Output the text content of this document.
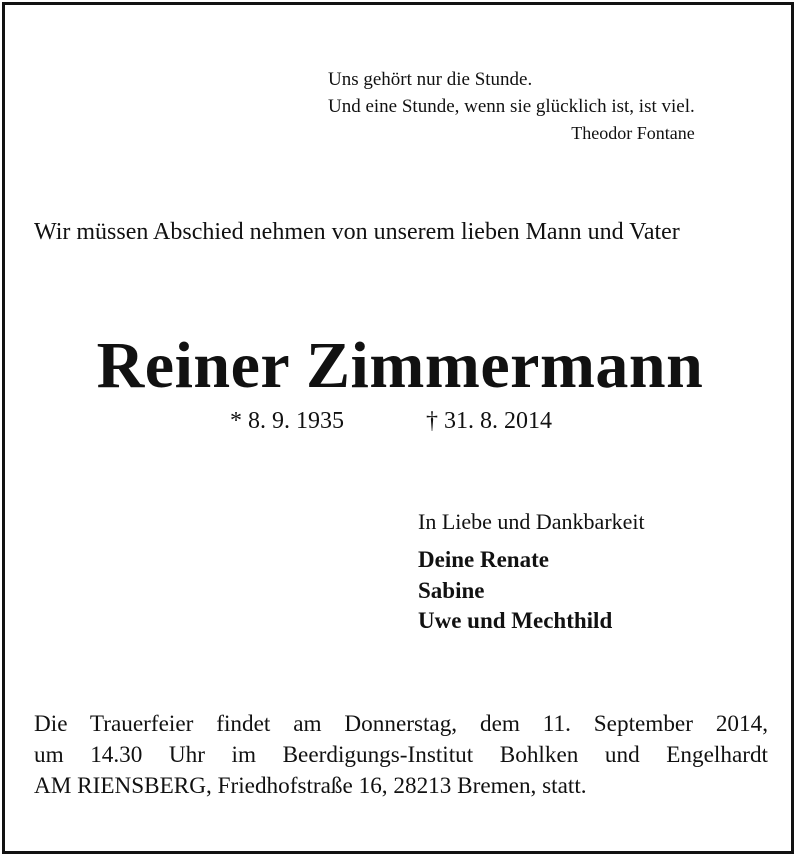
Uns gehört nur die Stunde.
Und eine Stunde, wenn sie glücklich ist, ist viel.
Theodor Fontane
Wir müssen Abschied nehmen von unserem lieben Mann und Vater
Reiner Zimmermann
* 8. 9. 1935	† 31. 8. 2014
In Liebe und Dankbarkeit
Deine Renate
Sabine
Uwe und Mechthild
Die Trauerfeier findet am Donnerstag, dem 11. September 2014,
um 14.30 Uhr im Beerdigungs-Institut Bohlken und Engelhardt
AM RIENSBERG, Friedhofstraße 16, 28213 Bremen, statt.
